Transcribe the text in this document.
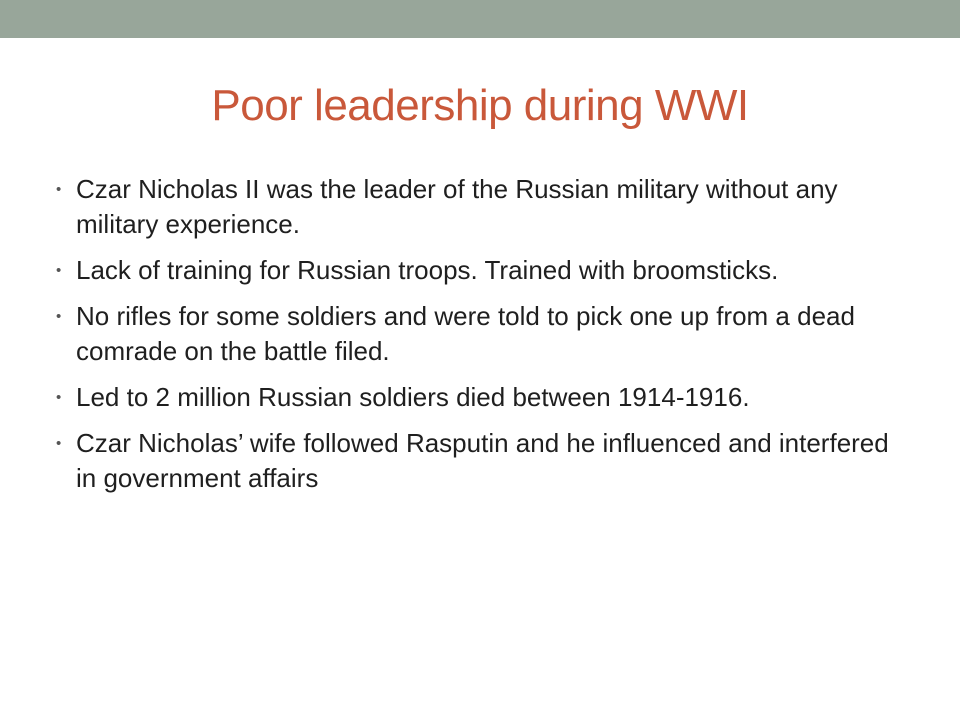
Poor leadership during WWI
• Czar Nicholas II was the leader of the Russian military without any military experience.
• Lack of training for Russian troops. Trained with broomsticks.
• No rifles for some soldiers and were told to pick one up from a dead comrade on the battle filed.
• Led to 2 million Russian soldiers died between 1914-1916.
• Czar Nicholas’ wife followed Rasputin and he influenced and interfered in government affairs
